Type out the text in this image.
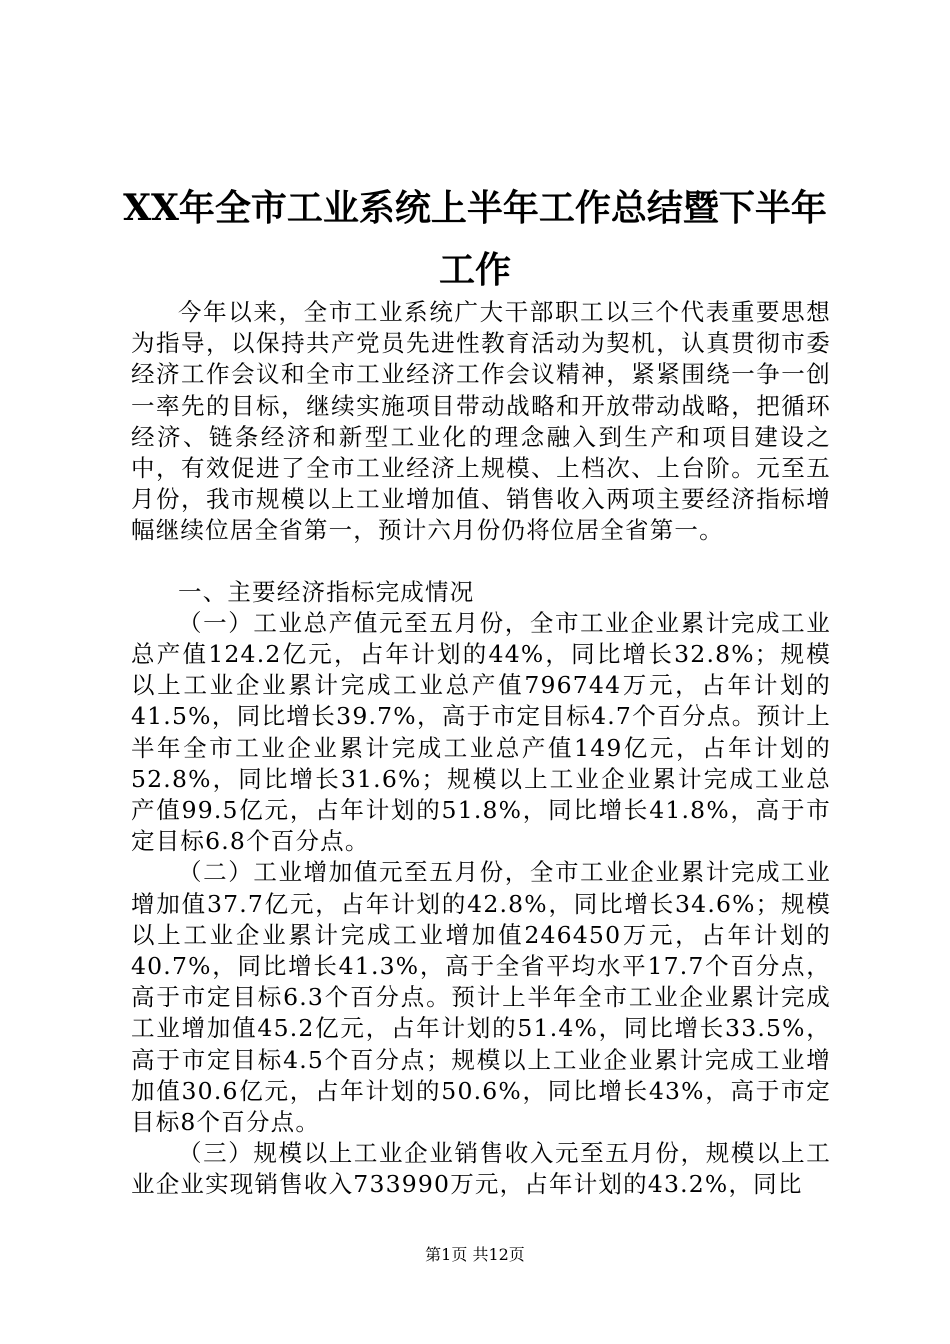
XX年全市工业系统上半年工作总结暨下半年
工作

今年以来，全市工业系统广大干部职工以三个代表重要思想为指导，以保持共产党员先进性教育活动为契机，认真贯彻市委经济工作会议和全市工业经济工作会议精神，紧紧围绕一争一创一率先的目标，继续实施项目带动战略和开放带动战略，把循环经济、链条经济和新型工业化的理念融入到生产和项目建设之中，有效促进了全市工业经济上规模、上档次、上台阶。元至五月份，我市规模以上工业增加值、销售收入两项主要经济指标增幅继续位居全省第一，预计六月份仍将位居全省第一。

一、主要经济指标完成情况

（一）工业总产值元至五月份，全市工业企业累计完成工业总产值124.2亿元，占年计划的44%，同比增长32.8%；规模以上工业企业累计完成工业总产值796744万元，占年计划的41.5%，同比增长39.7%，高于市定目标4.7个百分点。预计上半年全市工业企业累计完成工业总产值149亿元，占年计划的52.8%，同比增长31.6%；规模以上工业企业累计完成工业总产值99.5亿元，占年计划的51.8%，同比增长41.8%，高于市定目标6.8个百分点。

（二）工业增加值元至五月份，全市工业企业累计完成工业增加值37.7亿元，占年计划的42.8%，同比增长34.6%；规模以上工业企业累计完成工业增加值246450万元，占年计划的40.7%，同比增长41.3%，高于全省平均水平17.7个百分点，高于市定目标6.3个百分点。预计上半年全市工业企业累计完成工业增加值45.2亿元，占年计划的51.4%，同比增长33.5%，高于市定目标4.5个百分点；规模以上工业企业累计完成工业增加值30.6亿元，占年计划的50.6%，同比增长43%，高于市定目标8个百分点。

（三）规模以上工业企业销售收入元至五月份，规模以上工业企业实现销售收入733990万元，占年计划的43.2%，同比

第1页 共12页
